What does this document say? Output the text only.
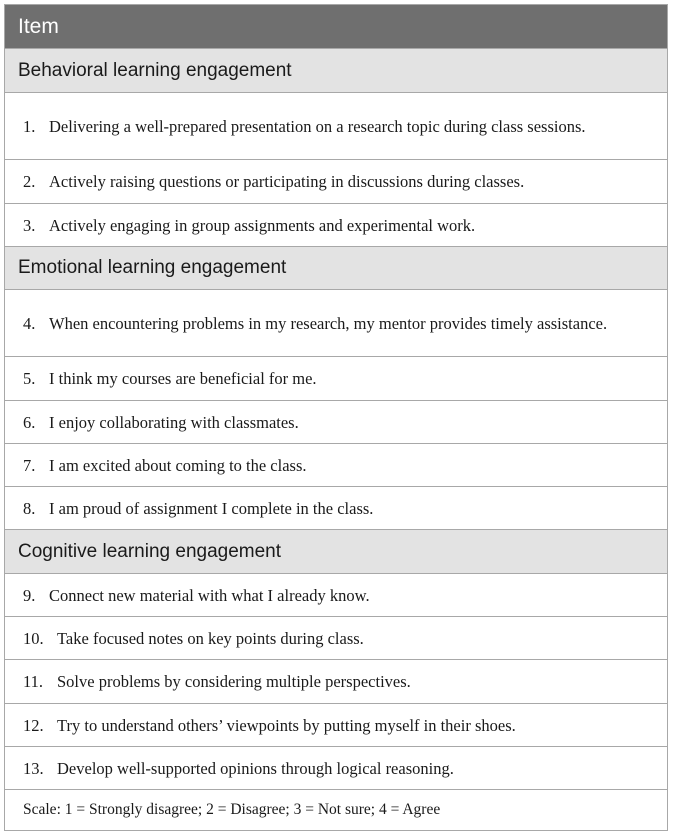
Item
Behavioral learning engagement
1. Delivering a well-prepared presentation on a research topic during class sessions.
2. Actively raising questions or participating in discussions during classes.
3. Actively engaging in group assignments and experimental work.
Emotional learning engagement
4. When encountering problems in my research, my mentor provides timely assistance.
5. I think my courses are beneficial for me.
6. I enjoy collaborating with classmates.
7. I am excited about coming to the class.
8. I am proud of assignment I complete in the class.
Cognitive learning engagement
9. Connect new material with what I already know.
10. Take focused notes on key points during class.
11. Solve problems by considering multiple perspectives.
12. Try to understand others’ viewpoints by putting myself in their shoes.
13. Develop well-supported opinions through logical reasoning.
Scale: 1 = Strongly disagree; 2 = Disagree; 3 = Not sure; 4 = Agree
